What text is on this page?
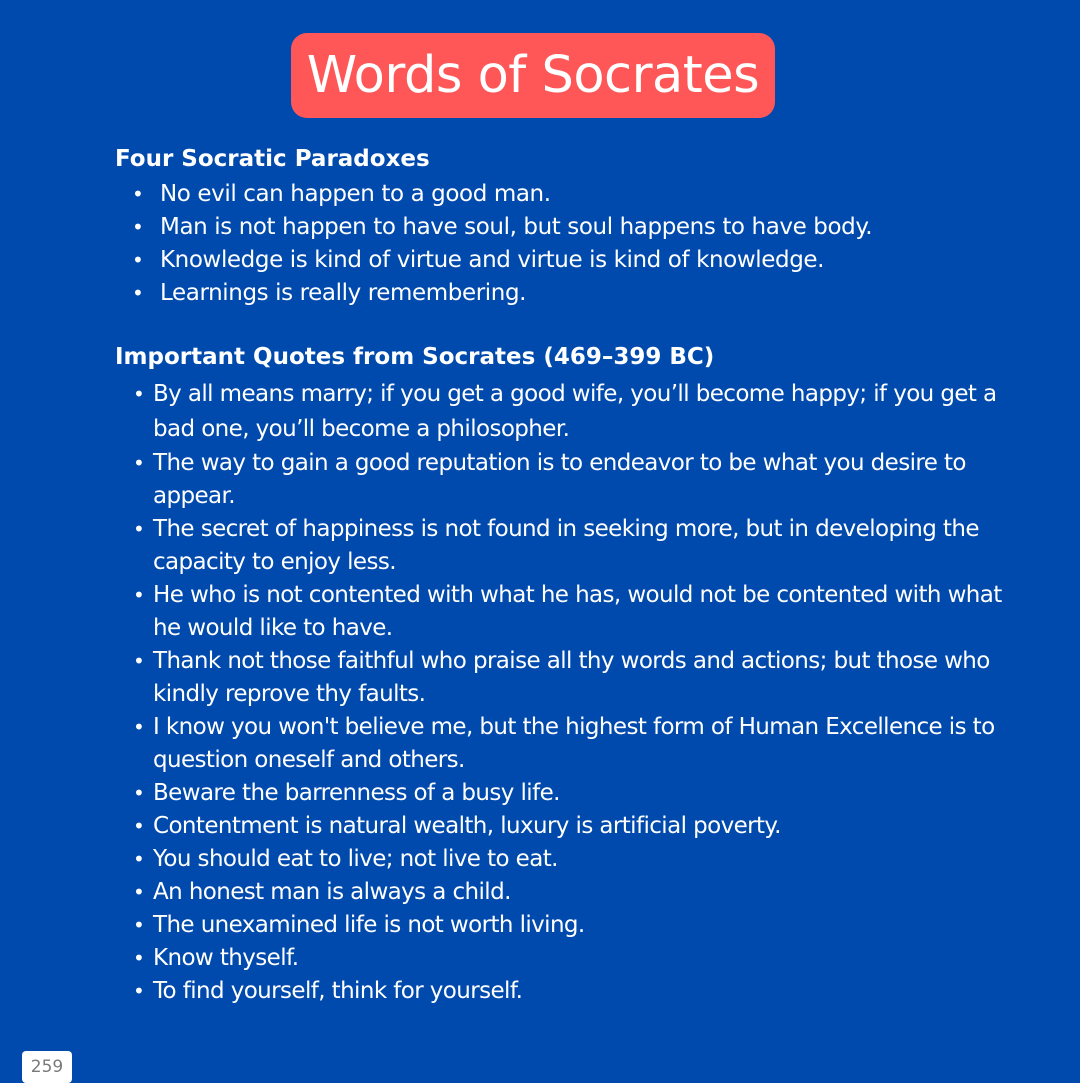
Words of Socrates
Four Socratic Paradoxes
• No evil can happen to a good man.
• Man is not happen to have soul, but soul happens to have body.
• Knowledge is kind of virtue and virtue is kind of knowledge.
• Learnings is really remembering.
Important Quotes from Socrates (469–399 BC)
• By all means marry; if you get a good wife, you’ll become happy; if you get a bad one, you’ll become a philosopher.
• The way to gain a good reputation is to endeavor to be what you desire to appear.
• The secret of happiness is not found in seeking more, but in developing the capacity to enjoy less.
• He who is not contented with what he has, would not be contented with what he would like to have.
• Thank not those faithful who praise all thy words and actions; but those who kindly reprove thy faults.
• I know you won't believe me, but the highest form of Human Excellence is to question oneself and others.
• Beware the barrenness of a busy life.
• Contentment is natural wealth, luxury is artificial poverty.
• You should eat to live; not live to eat.
• An honest man is always a child.
• The unexamined life is not worth living.
• Know thyself.
• To find yourself, think for yourself.
259
